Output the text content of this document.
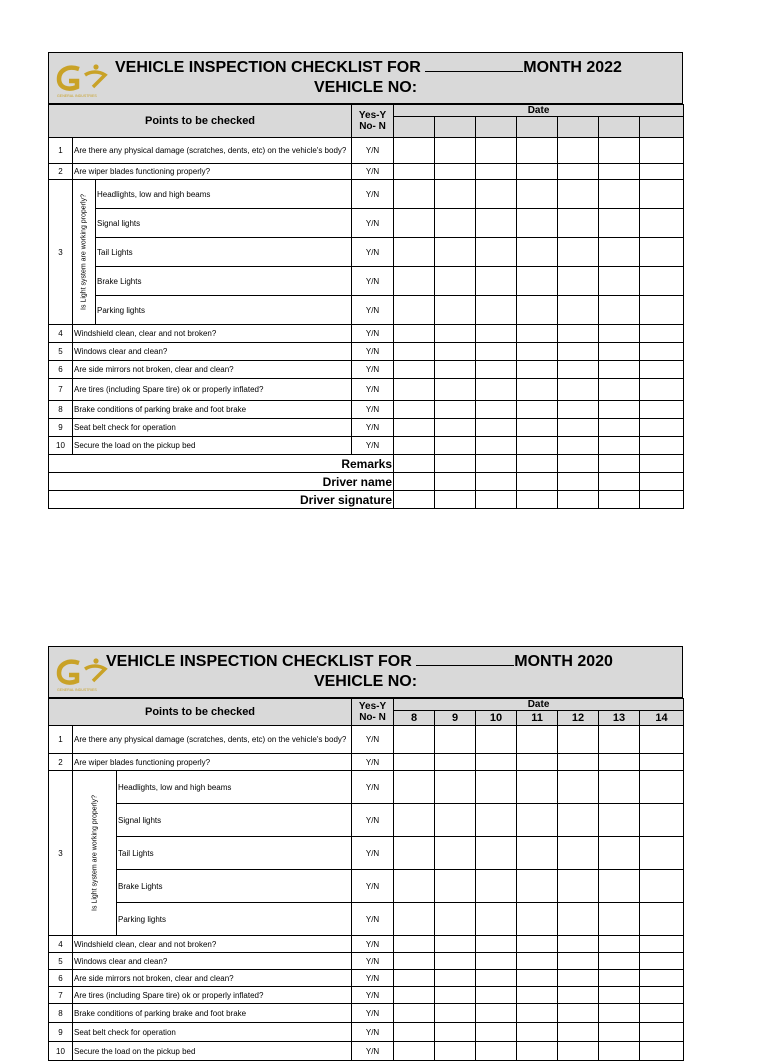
GENERAL INDUSTRIES
VEHICLE INSPECTION CHECKLIST FOR	MONTH 2022
VEHICLE NO:
Points to be checked			Yes-Y
No- N	Date						

1	Are there any physical damage (scratches, dents, etc) on the vehicle's body?		Y/N							
2	Are wiper blades functioning properly?		Y/N							
3	Is Light system are working properly?	Headlights, low and high beams	Y/N							
		Signal lights	Y/N							
		Tail Lights	Y/N							
		Brake Lights	Y/N							
		Parking lights	Y/N							
4	Windshield clean, clear and not broken?		Y/N							
5	Windows clear and clean?		Y/N							
6	Are side mirrors not broken, clear and clean?		Y/N							
7	Are tires (including Spare tire) ok or properly inflated?		Y/N							
8	Brake conditions of parking brake and foot brake		Y/N							
9	Seat belt check for operation		Y/N							
10	Secure the load on the pickup bed		Y/N							
Remarks										
Driver name										
Driver signature										
GENERAL INDUSTRIES
VEHICLE INSPECTION CHECKLIST FOR	MONTH 2020
VEHICLE NO:
Points to be checked			Yes-Y
No- N	Date						
				8	9	10	11	12	13	14
1	Are there any physical damage (scratches, dents, etc) on the vehicle's body?		Y/N							
2	Are wiper blades functioning properly?		Y/N							
3	Is Light system are working properly?	Headlights, low and high beams	Y/N							
		Signal lights	Y/N							
		Tail Lights	Y/N							
		Brake Lights	Y/N							
		Parking lights	Y/N							
4	Windshield clean, clear and not broken?		Y/N							
5	Windows clear and clean?		Y/N							
6	Are side mirrors not broken, clear and clean?		Y/N							
7	Are tires (including Spare tire) ok or properly inflated?		Y/N							
8	Brake conditions of parking brake and foot brake		Y/N							
9	Seat belt check for operation		Y/N							
10	Secure the load on the pickup bed		Y/N							
